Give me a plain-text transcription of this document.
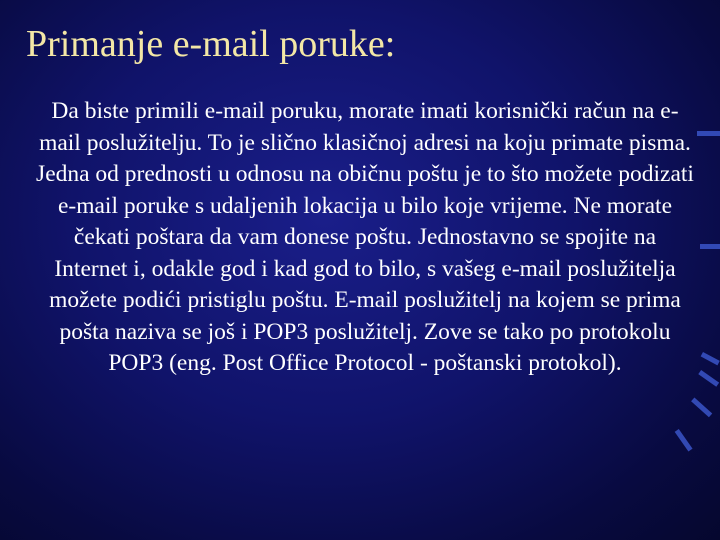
Primanje e-mail poruke:

Da biste primili e-mail poruku, morate imati korisnički račun na e-mail poslužitelju. To je slično klasičnoj adresi na koju primate pisma. Jedna od prednosti u odnosu na običnu poštu je to što možete podizati e-mail poruke s udaljenih lokacija u bilo koje vrijeme. Ne morate čekati poštara da vam donese poštu. Jednostavno se spojite na Internet i, odakle god i kad god to bilo, s vašeg e-mail poslužitelja možete podići pristiglu poštu. E-mail poslužitelj na kojem se prima pošta naziva se još i POP3 poslužitelj. Zove se tako po protokolu POP3 (eng. Post Office Protocol - poštanski protokol).
